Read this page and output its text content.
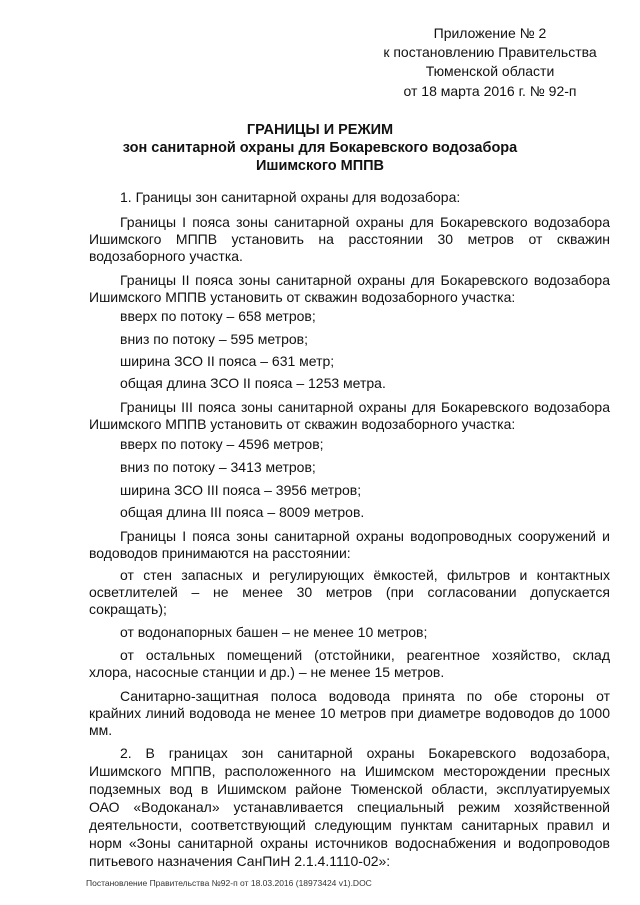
Приложение № 2
к постановлению Правительства
Тюменской области
от 18 марта 2016 г. № 92-п
ГРАНИЦЫ И РЕЖИМ
зон санитарной охраны для Бокаревского водозабора
Ишимского МППВ
1. Границы зон санитарной охраны для водозабора:
Границы I пояса зоны санитарной охраны для Бокаревского водозабора
Ишимского МППВ установить на расстоянии 30 метров от скважин
водозаборного участка.
Границы II пояса зоны санитарной охраны для Бокаревского водозабора
Ишимского МППВ установить от скважин водозаборного участка:
вверх по потоку – 658 метров;
вниз по потоку – 595 метров;
ширина ЗСО II пояса – 631 метр;
общая длина ЗСО II пояса – 1253 метра.
Границы III пояса зоны санитарной охраны для Бокаревского водозабора
Ишимского МППВ установить от скважин водозаборного участка:
вверх по потоку – 4596 метров;
вниз по потоку – 3413 метров;
ширина ЗСО III пояса – 3956 метров;
общая длина III пояса – 8009 метров.
Границы I пояса зоны санитарной охраны водопроводных сооружений и
водоводов принимаются на расстоянии:
от стен запасных и регулирующих ёмкостей, фильтров и контактных
осветлителей – не менее 30 метров (при согласовании допускается
сокращать);
от водонапорных башен – не менее 10 метров;
от остальных помещений (отстойники, реагентное хозяйство, склад
хлора, насосные станции и др.) – не менее 15 метров.
Санитарно-защитная полоса водовода принята по обе стороны от
крайних линий водовода не менее 10 метров при диаметре водоводов до 1000
мм.
2. В границах зон санитарной охраны Бокаревского водозабора,
Ишимского МППВ, расположенного на Ишимском месторождении пресных
подземных вод в Ишимском районе Тюменской области, эксплуатируемых
ОАО «Водоканал» устанавливается специальный режим хозяйственной
деятельности, соответствующий следующим пунктам санитарных правил и
норм «Зоны санитарной охраны источников водоснабжения и водопроводов
питьевого назначения СанПиН 2.1.4.1110-02»:
Постановление Правительства №92-п от 18.03.2016 (18973424 v1).DOC
